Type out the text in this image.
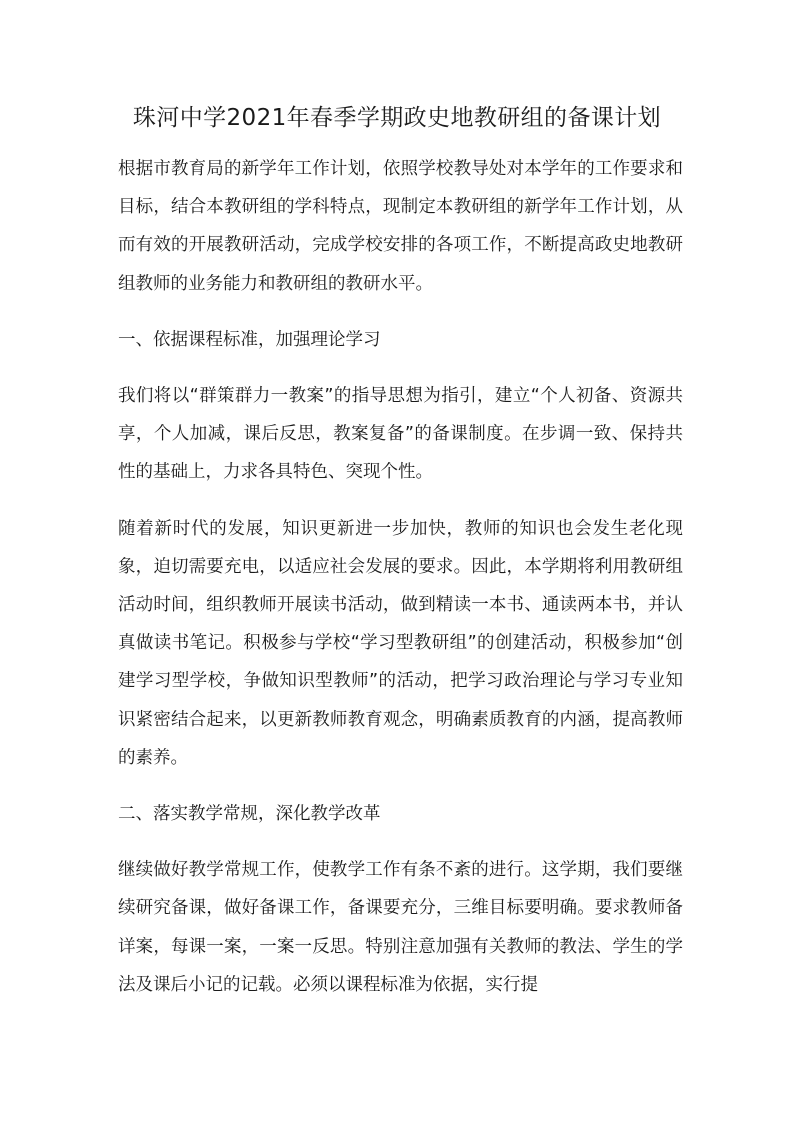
珠河中学2021年春季学期政史地教研组的备课计划

根据市教育局的新学年工作计划，依照学校教导处对本学年的工作要求和目标，结合本教研组的学科特点，现制定本教研组的新学年工作计划，从而有效的开展教研活动，完成学校安排的各项工作，不断提高政史地教研组教师的业务能力和教研组的教研水平。

一、依据课程标准，加强理论学习

我们将以“群策群力一教案”的指导思想为指引，建立“个人初备、资源共享，个人加减，课后反思，教案复备”的备课制度。在步调一致、保持共性的基础上，力求各具特色、突现个性。

随着新时代的发展，知识更新进一步加快，教师的知识也会发生老化现象，迫切需要充电，以适应社会发展的要求。因此，本学期将利用教研组活动时间，组织教师开展读书活动，做到精读一本书、通读两本书，并认真做读书笔记。积极参与学校“学习型教研组”的创建活动，积极参加“创建学习型学校，争做知识型教师”的活动，把学习政治理论与学习专业知识紧密结合起来，以更新教师教育观念，明确素质教育的内涵，提高教师的素养。

二、落实教学常规，深化教学改革

继续做好教学常规工作，使教学工作有条不紊的进行。这学期，我们要继续研究备课，做好备课工作，备课要充分，三维目标要明确。要求教师备详案，每课一案，一案一反思。特别注意加强有关教师的教法、学生的学法及课后小记的记载。必须以课程标准为依据，实行提
